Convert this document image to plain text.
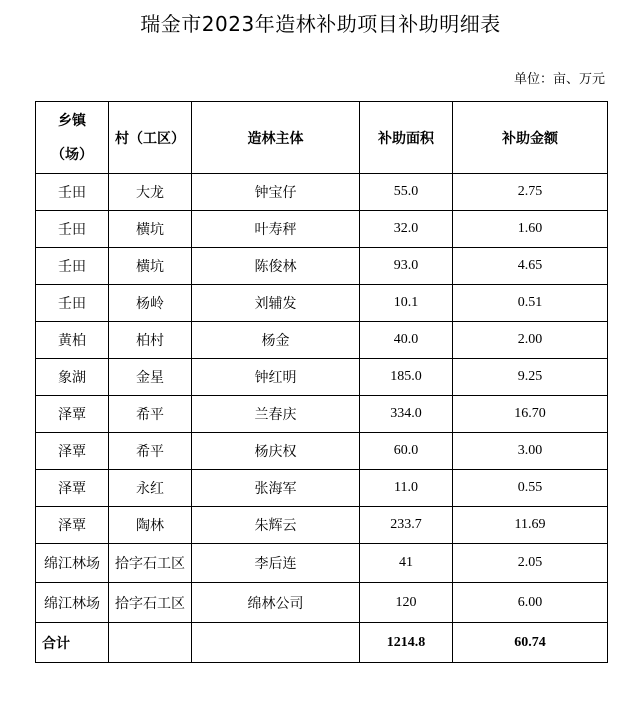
瑞金市2023年造林补助项目补助明细表
单位：亩、万元
乡镇
（场）	村（工区）	造林主体	补助面积	补助金额
壬田	大龙	钟宝仔	55.0	2.75
壬田	横坑	叶寿秤	32.0	1.60
壬田	横坑	陈俊林	93.0	4.65
壬田	杨岭	刘辅发	10.1	0.51
黄柏	柏村	杨金	40.0	2.00
象湖	金星	钟红明	185.0	9.25
泽覃	希平	兰春庆	334.0	16.70
泽覃	希平	杨庆权	60.0	3.00
泽覃	永红	张海军	11.0	0.55
泽覃	陶林	朱辉云	233.7	11.69
绵江林场	拾字石工区	李后连	41	2.05
绵江林场	拾字石工区	绵林公司	120	6.00
合计			1214.8	60.74
